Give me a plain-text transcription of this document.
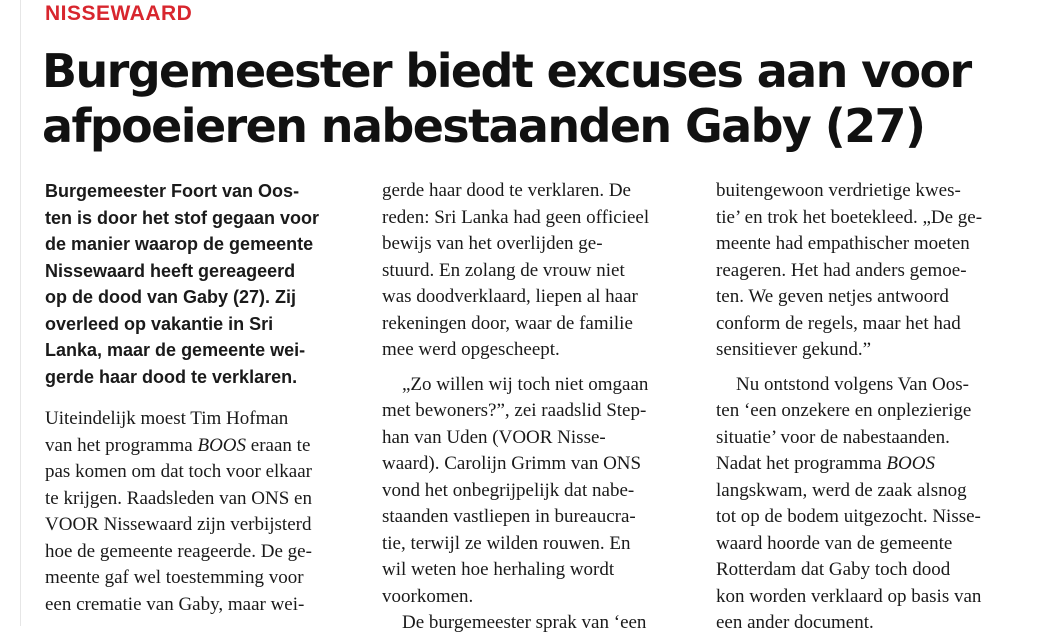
NISSEWAARD
Burgemeester biedt excuses aan voor
afpoeieren nabestaanden Gaby (27)
Burgemeester Foort van Oos-
ten is door het stof gegaan voor
de manier waarop de gemeente
Nissewaard heeft gereageerd
op de dood van Gaby (27). Zij
overleed op vakantie in Sri
Lanka, maar de gemeente wei-
gerde haar dood te verklaren.
Uiteindelijk moest Tim Hofman
van het programma BOOS eraan te
pas komen om dat toch voor elkaar
te krijgen. Raadsleden van ONS en
VOOR Nissewaard zijn verbijsterd
hoe de gemeente reageerde. De ge-
meente gaf wel toestemming voor
een crematie van Gaby, maar wei-
gerde haar dood te verklaren. De
reden: Sri Lanka had geen officieel
bewijs van het overlijden ge-
stuurd. En zolang de vrouw niet
was doodverklaard, liepen al haar
rekeningen door, waar de familie
mee werd opgescheept.
„Zo willen wij toch niet omgaan
met bewoners?”, zei raadslid Step-
han van Uden (VOOR Nisse-
waard). Carolijn Grimm van ONS
vond het onbegrijpelijk dat nabe-
staanden vastliepen in bureaucra-
tie, terwijl ze wilden rouwen. En
wil weten hoe herhaling wordt
voorkomen.
De burgemeester sprak van ‘een
buitengewoon verdrietige kwes-
tie’ en trok het boetekleed. „De ge-
meente had empathischer moeten
reageren. Het had anders gemoe-
ten. We geven netjes antwoord
conform de regels, maar het had
sensitiever gekund.”
Nu ontstond volgens Van Oos-
ten ‘een onzekere en onplezierige
situatie’ voor de nabestaanden.
Nadat het programma BOOS
langskwam, werd de zaak alsnog
tot op de bodem uitgezocht. Nisse-
waard hoorde van de gemeente
Rotterdam dat Gaby toch dood
kon worden verklaard op basis van
een ander document.
